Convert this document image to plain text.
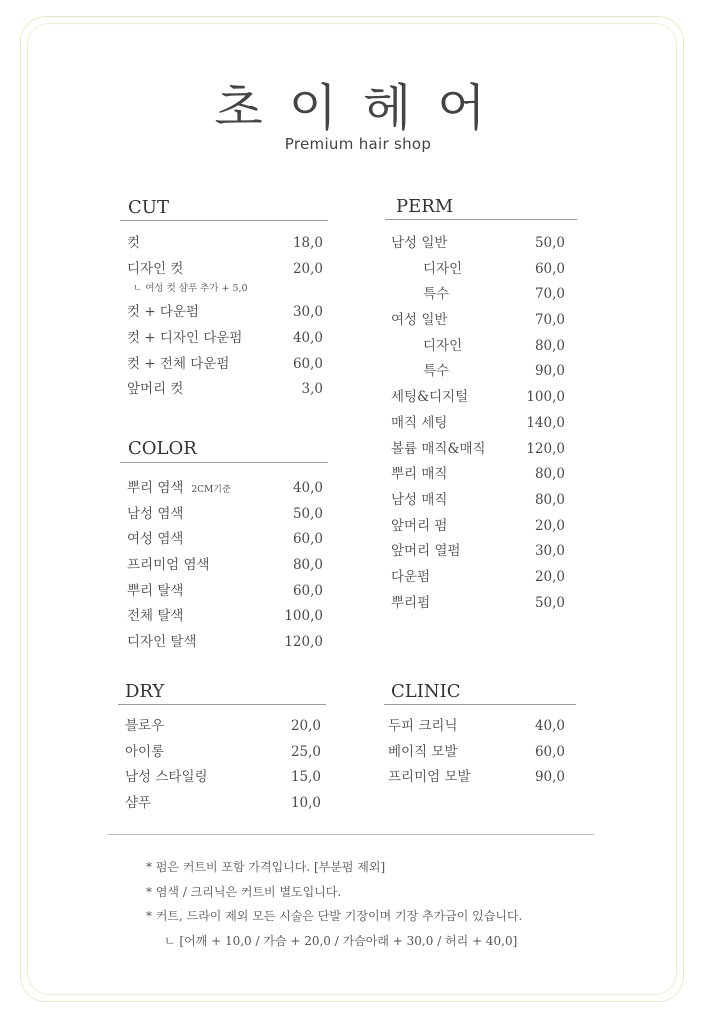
초이헤어
Premium hair shop
CUT
컷	18,0
디자인 컷	20,0
ㄴ 여성 컷 샴푸 추가 + 5,0
컷 + 다운펌	30,0
컷 + 디자인 다운펌	40,0
컷 + 전체 다운펌	60,0
앞머리 컷	3,0
COLOR
뿌리 염색 2CM기준	40,0
남성 염색	50,0
여성 염색	60,0
프리미엄 염색	80,0
뿌리 탈색	60,0
전체 탈색	100,0
디자인 탈색	120,0
PERM
남성 일반	50,0
디자인	60,0
특수	70,0
여성 일반	70,0
디자인	80,0
특수	90,0
세팅&디지털	100,0
매직 세팅	140,0
볼륨 매직&매직	120,0
뿌리 매직	80,0
남성 매직	80,0
앞머리 펌	20,0
앞머리 열펌	30,0
다운펌	20,0
뿌리펌	50,0
DRY
블로우	20,0
아이롱	25,0
남성 스타일링	15,0
샴푸	10,0
CLINIC
두피 크리닉	40,0
베이직 모발	60,0
프리미엄 모발	90,0
* 펌은 커트비 포함 가격입니다. [부분펌 제외]
* 염색 / 크리닉은 커트비 별도입니다.
* 커트, 드라이 제외 모든 시술은 단발 기장이며 기장 추가금이 있습니다.
ㄴ [어깨 + 10,0 / 가슴 + 20,0 / 가슴아래 + 30,0 / 허리 + 40,0]
